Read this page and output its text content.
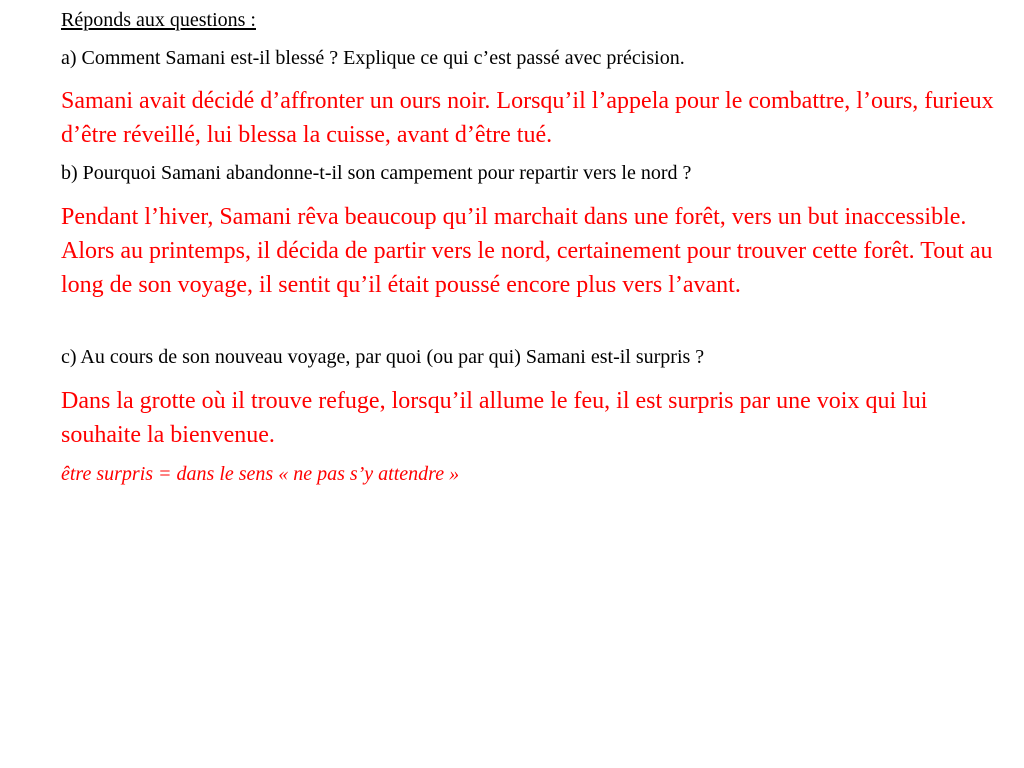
Réponds aux questions :

a) Comment Samani est-il blessé ? Explique ce qui c’est passé avec précision.

Samani avait décidé d’affronter un ours noir. Lorsqu’il l’appela pour le combattre, l’ours, furieux d’être réveillé, lui blessa la cuisse, avant d’être tué.

b) Pourquoi Samani abandonne-t-il son campement pour repartir vers le nord ?

Pendant l’hiver, Samani rêva beaucoup qu’il marchait dans une forêt, vers un but inaccessible. Alors au printemps, il décida de partir vers le nord, certainement pour trouver cette forêt. Tout au long de son voyage, il sentit qu’il était poussé encore plus vers l’avant.

c) Au cours de son nouveau voyage, par quoi (ou par qui) Samani est-il surpris ?

Dans la grotte où il trouve refuge, lorsqu’il allume le feu, il est surpris par une voix qui lui souhaite la bienvenue.

être surpris = dans le sens « ne pas s’y attendre »
